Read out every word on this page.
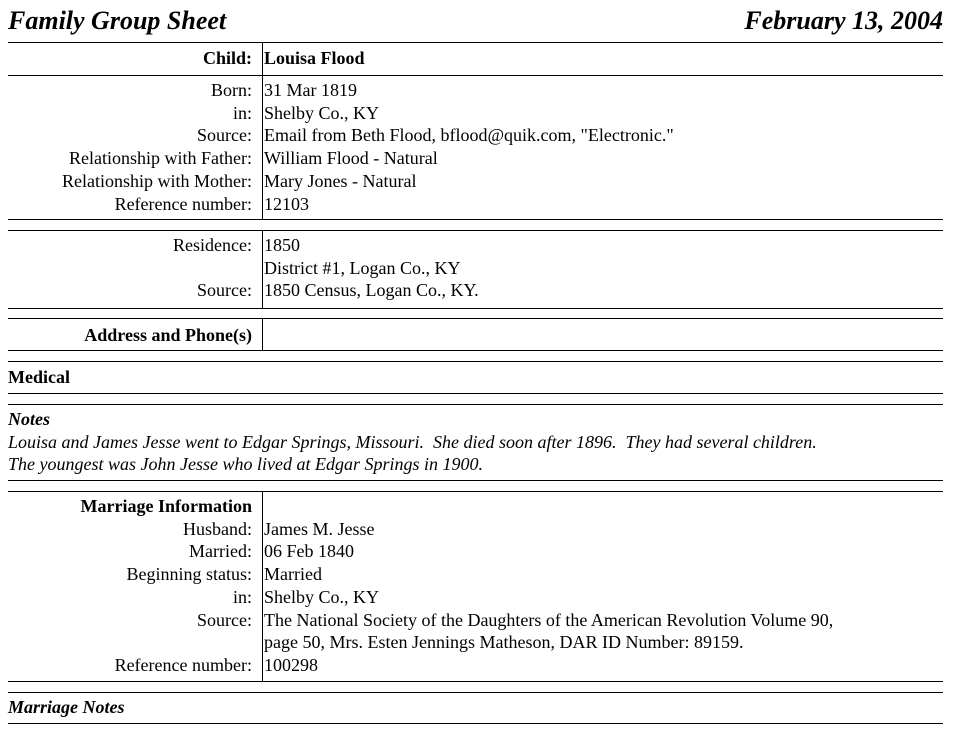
Family Group Sheet	February 13, 2004
Child: Louisa Flood
Born: 31 Mar 1819
in: Shelby Co., KY
Source: Email from Beth Flood, bflood@quik.com, "Electronic."
Relationship with Father: William Flood - Natural
Relationship with Mother: Mary Jones - Natural
Reference number: 12103
Residence: 1850
District #1, Logan Co., KY
Source: 1850 Census, Logan Co., KY.
Address and Phone(s)
Medical
Notes
Louisa and James Jesse went to Edgar Springs, Missouri.  She died soon after 1896.  They had several children.
The youngest was John Jesse who lived at Edgar Springs in 1900.
Marriage Information
Husband: James M. Jesse
Married: 06 Feb 1840
Beginning status: Married
in: Shelby Co., KY
Source: The National Society of the Daughters of the American Revolution Volume 90,
page 50, Mrs. Esten Jennings Matheson, DAR ID Number: 89159.
Reference number: 100298
Marriage Notes
